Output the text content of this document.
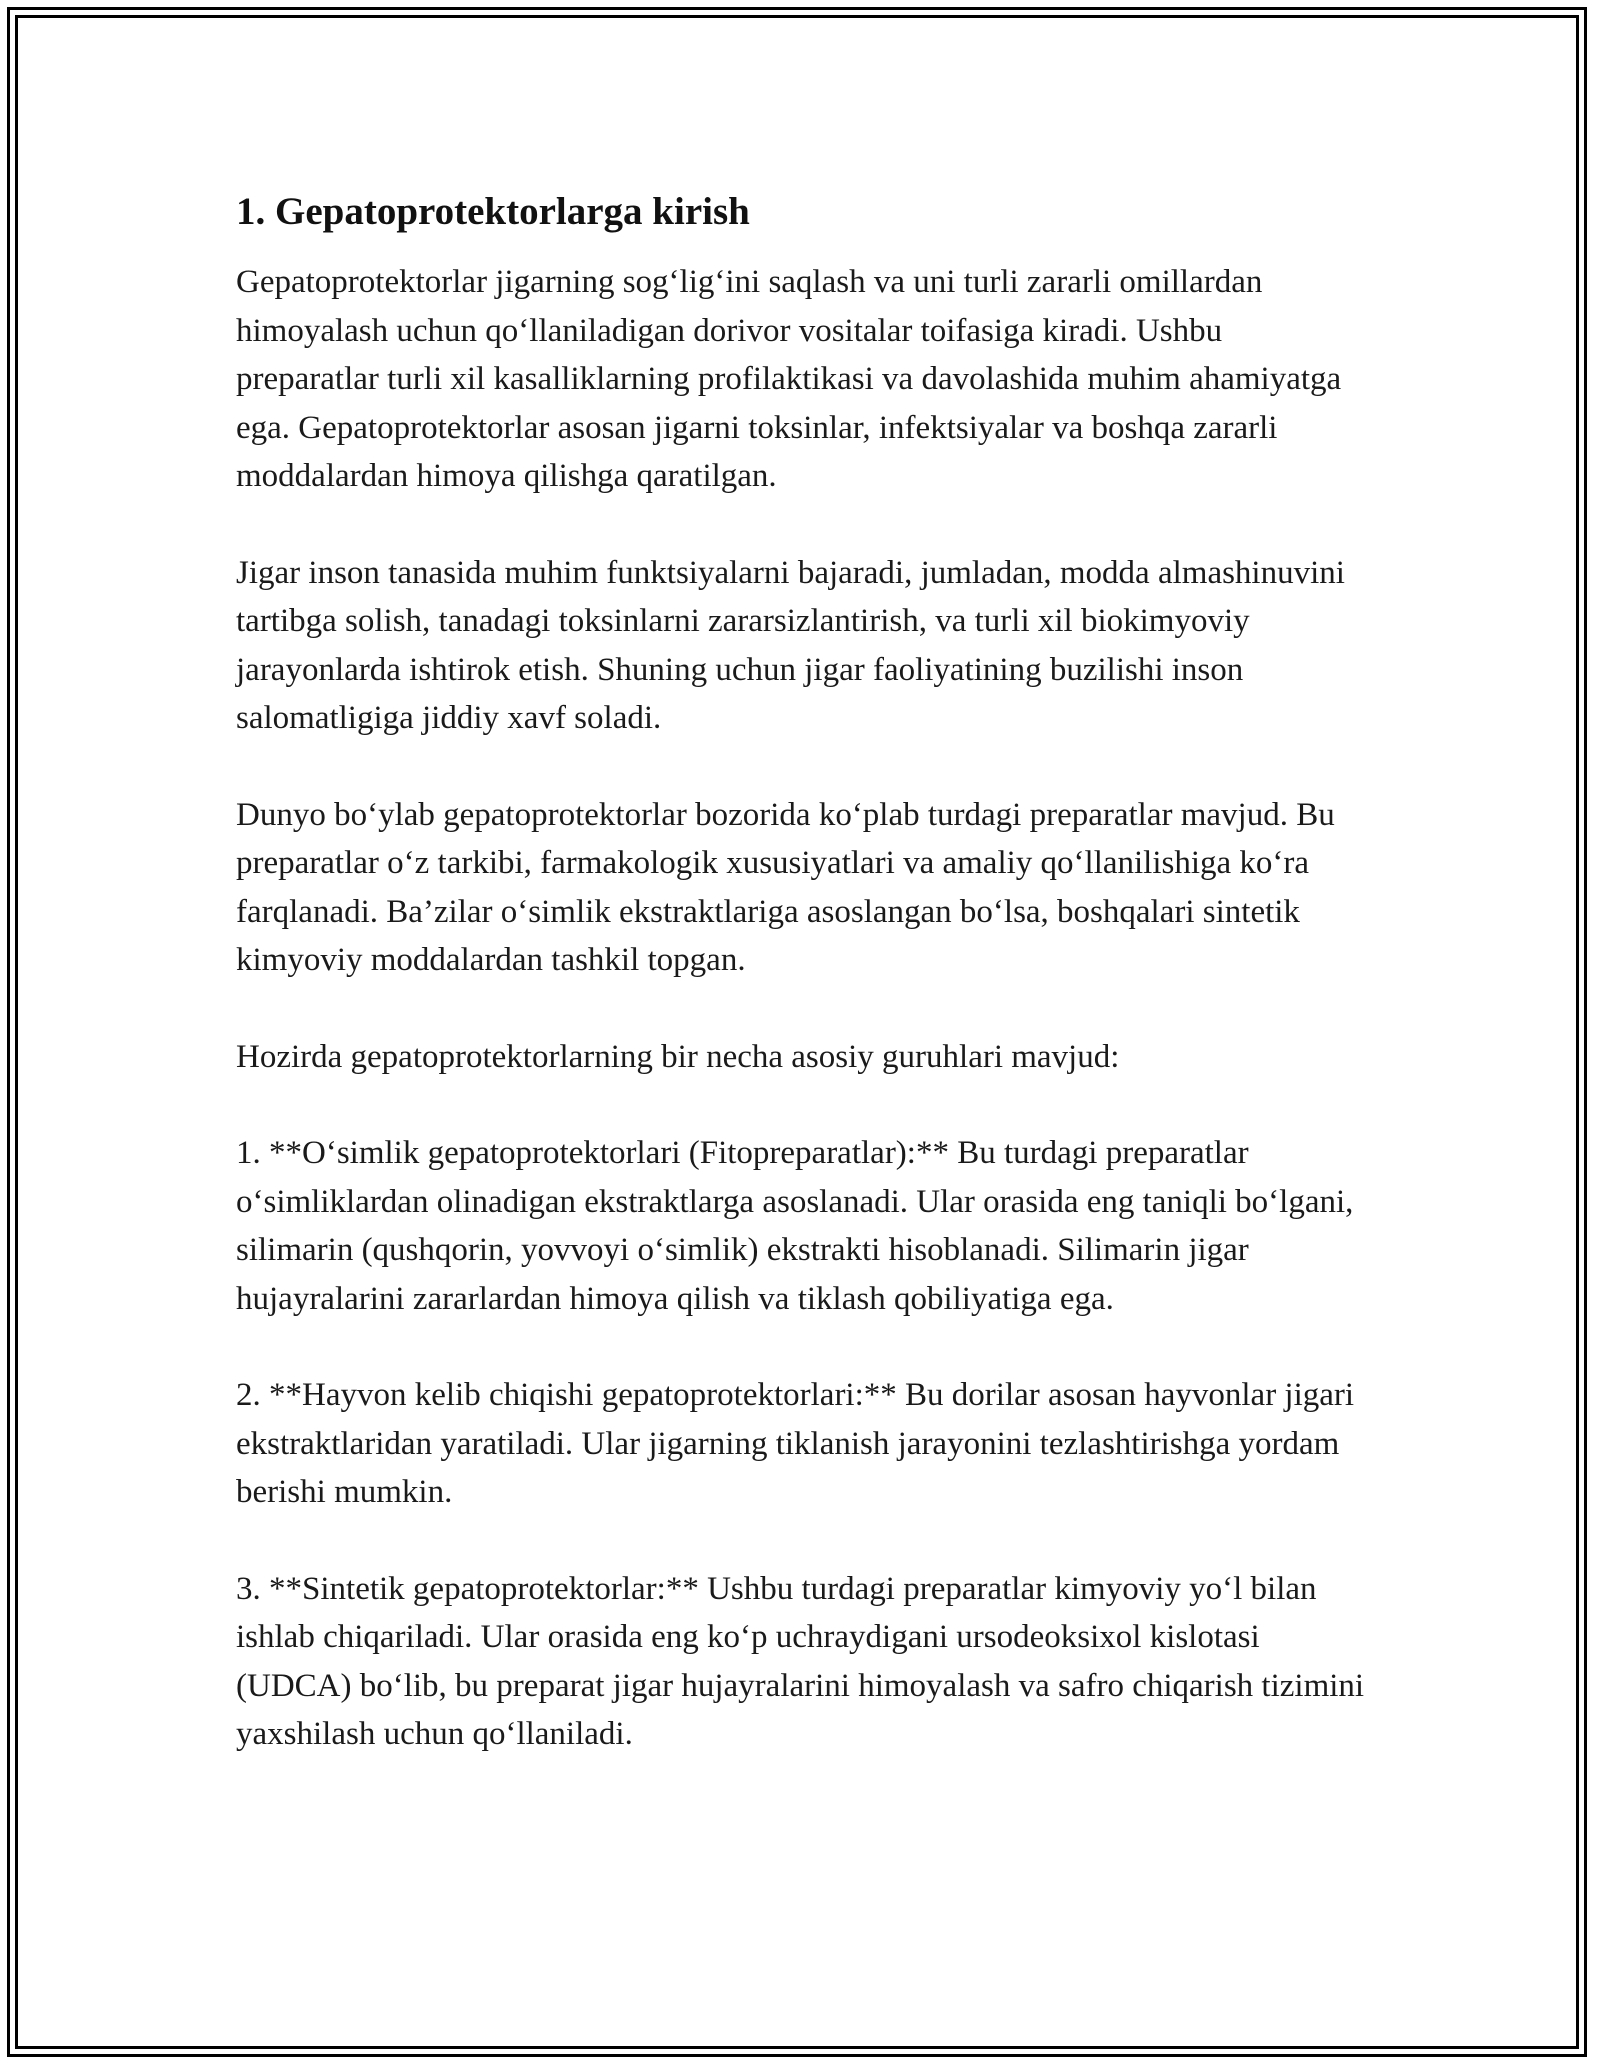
1. Gepatoprotektorlarga kirish

Gepatoprotektorlar jigarning sog‘lig‘ini saqlash va uni turli zararli omillardan himoyalash uchun qo‘llaniladigan dorivor vositalar toifasiga kiradi. Ushbu preparatlar turli xil kasalliklarning profilaktikasi va davolashida muhim ahamiyatga ega. Gepatoprotektorlar asosan jigarni toksinlar, infektsiyalar va boshqa zararli moddalardan himoya qilishga qaratilgan.

Jigar inson tanasida muhim funktsiyalarni bajaradi, jumladan, modda almashinuvini tartibga solish, tanadagi toksinlarni zararsizlantirish, va turli xil biokimyoviy jarayonlarda ishtirok etish. Shuning uchun jigar faoliyatining buzilishi inson salomatligiga jiddiy xavf soladi.

Dunyo bo‘ylab gepatoprotektorlar bozorida ko‘plab turdagi preparatlar mavjud. Bu preparatlar o‘z tarkibi, farmakologik xususiyatlari va amaliy qo‘llanilishiga ko‘ra farqlanadi. Ba’zilar o‘simlik ekstraktlariga asoslangan bo‘lsa, boshqalari sintetik kimyoviy moddalardan tashkil topgan.

Hozirda gepatoprotektorlarning bir necha asosiy guruhlari mavjud:

1. **O‘simlik gepatoprotektorlari (Fitopreparatlar):** Bu turdagi preparatlar o‘simliklardan olinadigan ekstraktlarga asoslanadi. Ular orasida eng taniqli bo‘lgani, silimarin (qushqorin, yovvoyi o‘simlik) ekstrakti hisoblanadi. Silimarin jigar hujayralarini zararlardan himoya qilish va tiklash qobiliyatiga ega.

2. **Hayvon kelib chiqishi gepatoprotektorlari:** Bu dorilar asosan hayvonlar jigari ekstraktlaridan yaratiladi. Ular jigarning tiklanish jarayonini tezlashtirishga yordam berishi mumkin.

3. **Sintetik gepatoprotektorlar:** Ushbu turdagi preparatlar kimyoviy yo‘l bilan ishlab chiqariladi. Ular orasida eng ko‘p uchraydigani ursodeoksixol kislotasi (UDCA) bo‘lib, bu preparat jigar hujayralarini himoyalash va safro chiqarish tizimini yaxshilash uchun qo‘llaniladi.
